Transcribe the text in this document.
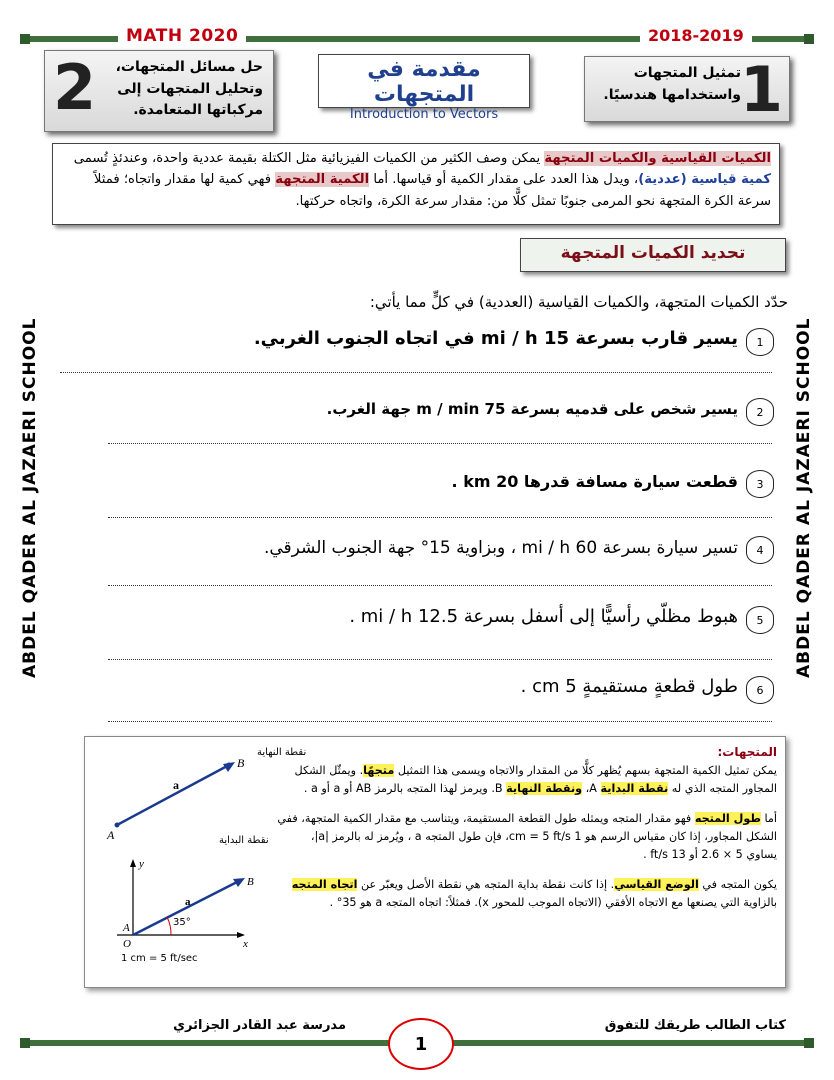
MATH 2020	2018-2019
ABDEL QADER AL JAZAERI SCHOOL	ABDEL QADER AL JAZAERI SCHOOL
2	حل مسائل المتجهات، وتحليل المتجهات إلى مركباتها المتعامدة.
مقدمة في المتجهات
Introduction to Vectors	1
تمثيل المتجهات واستخدامها هندسيًا.
الكميات القياسية والكميات المتجهة يمكن وصف الكثير من الكميات الفيزيائية مثل الكتلة بقيمة عددية واحدة، وعندئذٍ تُسمى كمية قياسية (عددية)، ويدل هذا العدد على مقدار الكمية أو قياسها. أما الكمية المتجهة فهي كمية لها مقدار واتجاه؛ فمثلاً سرعة الكرة المتجهة نحو المرمى جنوبًا تمثل كلًّا من: مقدار سرعة الكرة، واتجاه حركتها.
تحديد الكميات المتجهة
حدّد الكميات المتجهة، والكميات القياسية (العددية) في كلٍّ مما يأتي:
1
يسير قارب بسرعة 15 mi / h في اتجاه الجنوب الغربي.
2
يسير شخص على قدميه بسرعة 75 m / min جهة الغرب.
3
قطعت سيارة مسافة قدرها 20 km .
4
تسير سيارة بسرعة 60 mi / h ، وبزاوية 15° جهة الجنوب الشرقي.
5
هبوط مظلّي رأسيًّا إلى أسفل بسرعة 12.5 mi / h .
6
طول قطعةٍ مستقيمةٍ 5 cm .
B
A
a
نقطة النهاية
نقطة البداية
35°
y
x
O
A
B
a
1 cm = 5 ft/sec
المتجهات:
يمكن تمثيل الكمية المتجهة بسهم يُظهر كلًّا من المقدار والاتجاه ويسمى هذا التمثيل متجهًا. ويمثّل الشكل المجاور المتجه الذي له نقطة البداية A، ونقطة النهاية B. ويرمز لهذا المتجه بالرمز AB أو a أو a .
أما طول المتجه فهو مقدار المتجه ويمثله طول القطعة المستقيمة، ويتناسب مع مقدار الكمية المتجهة، ففي الشكل المجاور، إذا كان مقياس الرسم هو 1 cm = 5 ft/s، فإن طول المتجه a ، ويُرمز له بالرمز |a|، يساوي 5 × 2.6 أو 13 ft/s .
يكون المتجه في الوضع القياسي. إذا كانت نقطة بداية المتجه هي نقطة الأصل ويعبّر عن اتجاه المتجه بالزاوية التي يصنعها مع الاتجاه الأفقي (الاتجاه الموجب للمحور x). فمثلاً: اتجاه المتجه a هو 35° .
كتاب الطالب طريقك للتفوق
مدرسة عبد القادر الجزائري
1
